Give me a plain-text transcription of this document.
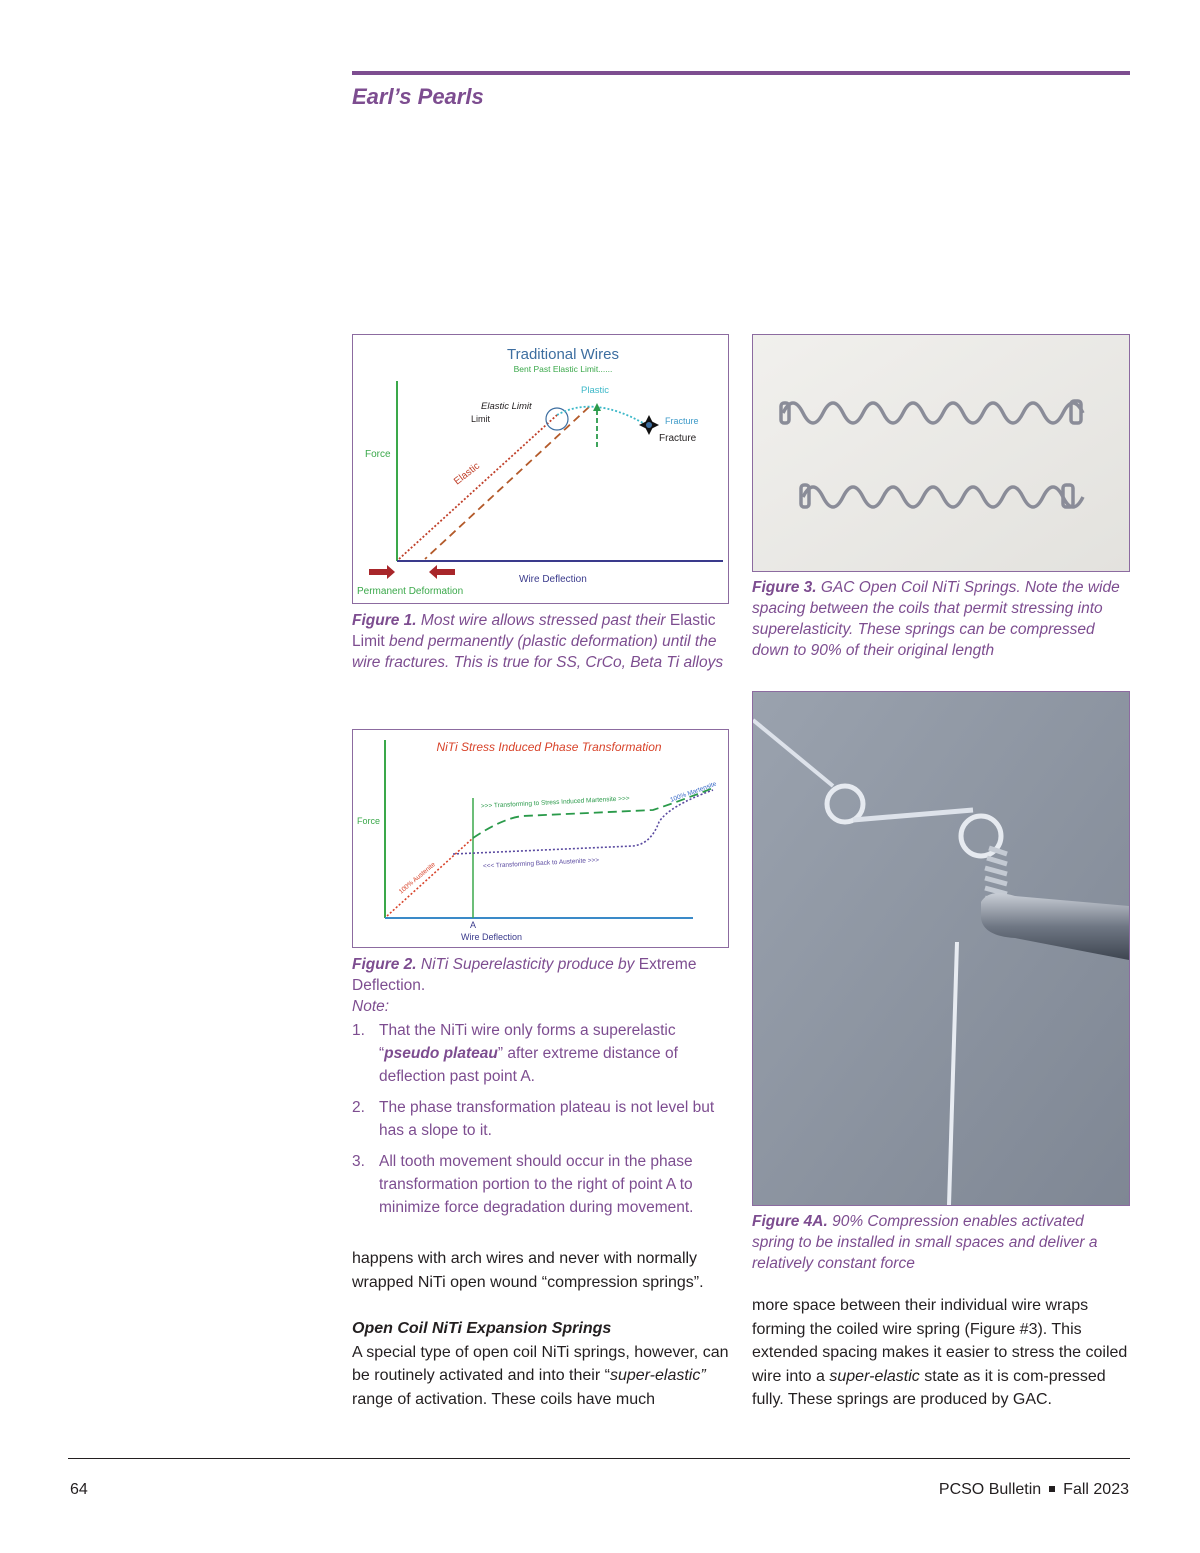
Earl’s Pearls
Traditional Wires
Bent Past Elastic Limit......
Force
Plastic
Elastic Limit
Limit	Fracture
Fracture
Elastic
Wire Deflection
Permanent Deformation
Figure 1. Most wire allows stressed past their Elastic Limit bend permanently (plastic deformation) until the wire fractures. This is true for SS, CrCo, Beta Ti alloys
NiTi Stress Induced Phase Transformation
Force
100% Austenite
>>> Transforming to Stress Induced Martensite >>>	100% Martensite
<<< Transforming Back to Austenite >>>
A
Wire Deflection
Figure 2. NiTi Superelasticity produce by Extreme Deflection.
Note:
1. That the NiTi wire only forms a superelastic “pseudo plateau” after extreme distance of deflection past point A.
2. The phase transformation plateau is not level but has a slope to it.
3. All tooth movement should occur in the phase transformation portion to the right of point A to minimize force degradation during movement.
Figure 3. GAC Open Coil NiTi Springs. Note the wide spacing between the coils that permit stressing into superelasticity. These springs can be compressed down to 90% of their original length
Figure 4A. 90% Compression enables activated spring to be installed in small spaces and deliver a relatively constant force

happens with arch wires and never with normally wrapped NiTi open wound “compression springs”.

Open Coil NiTi Expansion Springs

A special type of open coil NiTi springs, however, can be routinely activated and into their “super-elastic” range of activation. These coils have much

more space between their individual wire wraps forming the coiled wire spring (Figure #3). This extended spacing makes it easier to stress the coiled wire into a super-elastic state as it is com-pressed fully. These springs are produced by GAC.

64	PCSO Bulletin Fall 2023
